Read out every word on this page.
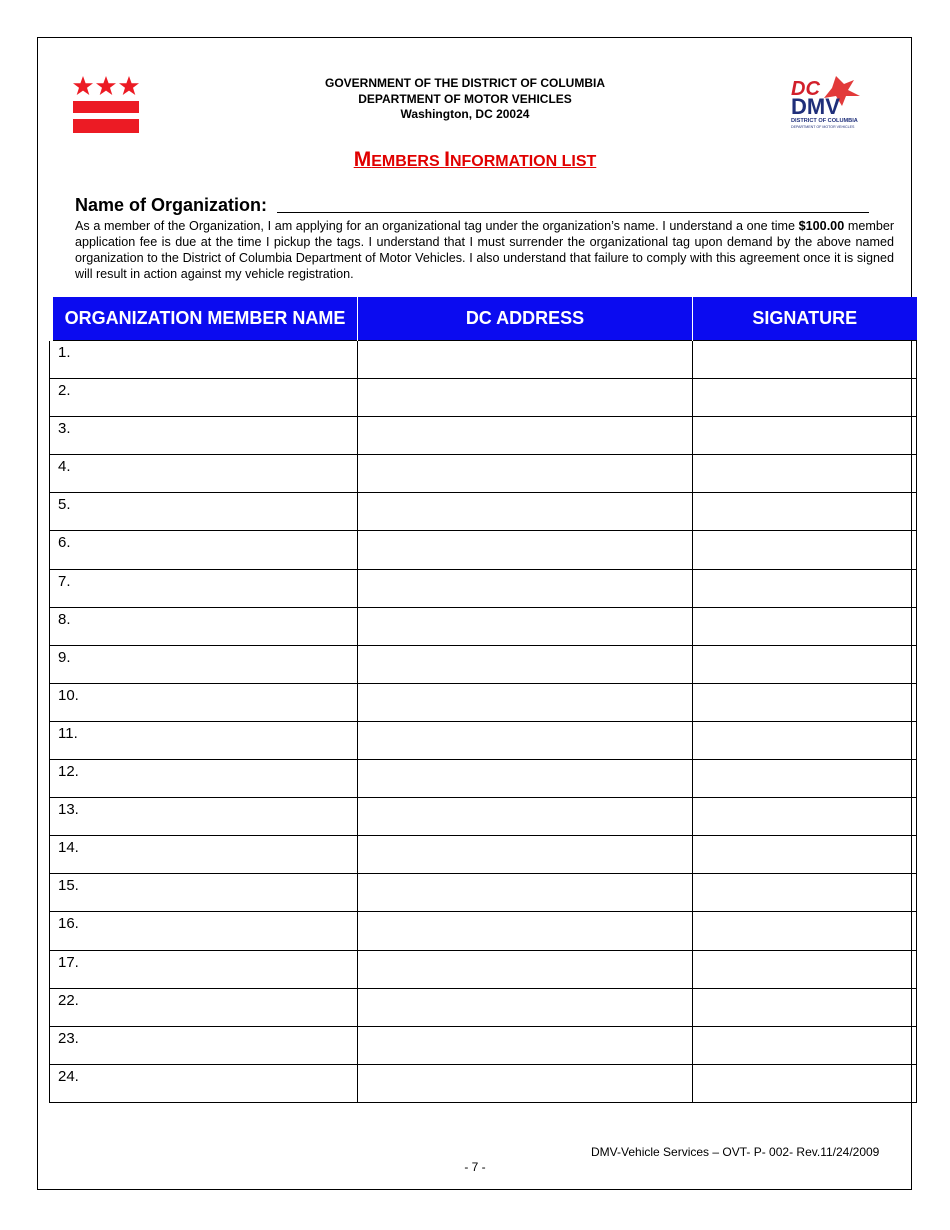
GOVERNMENT OF THE DISTRICT OF COLUMBIA
DEPARTMENT OF MOTOR VEHICLES
Washington, DC 20024
DC
DMV
DISTRICT OF COLUMBIA
DEPARTMENT OF MOTOR VEHICLES
MEMBERS INFORMATION LIST
Name of Organization:
As a member of the Organization, I am applying for an organizational tag under the organization’s name. I understand a one time $100.00 member application fee is due at the time I pickup the tags. I understand that I must surrender the organizational tag upon demand by the above named organization to the District of Columbia Department of Motor Vehicles. I also understand that failure to comply with this agreement once it is signed will result in action against my vehicle registration.
ORGANIZATION MEMBER NAME	DC ADDRESS	SIGNATURE
1.		
2.		
3.		
4.		
5.		
6.		
7.		
8.		
9.		
10.		
11.		
12.		
13.		
14.		
15.		
16.		
17.		
22.		
23.		
24.		
DMV-Vehicle Services – OVT- P- 002- Rev.11/24/2009
- 7 -
